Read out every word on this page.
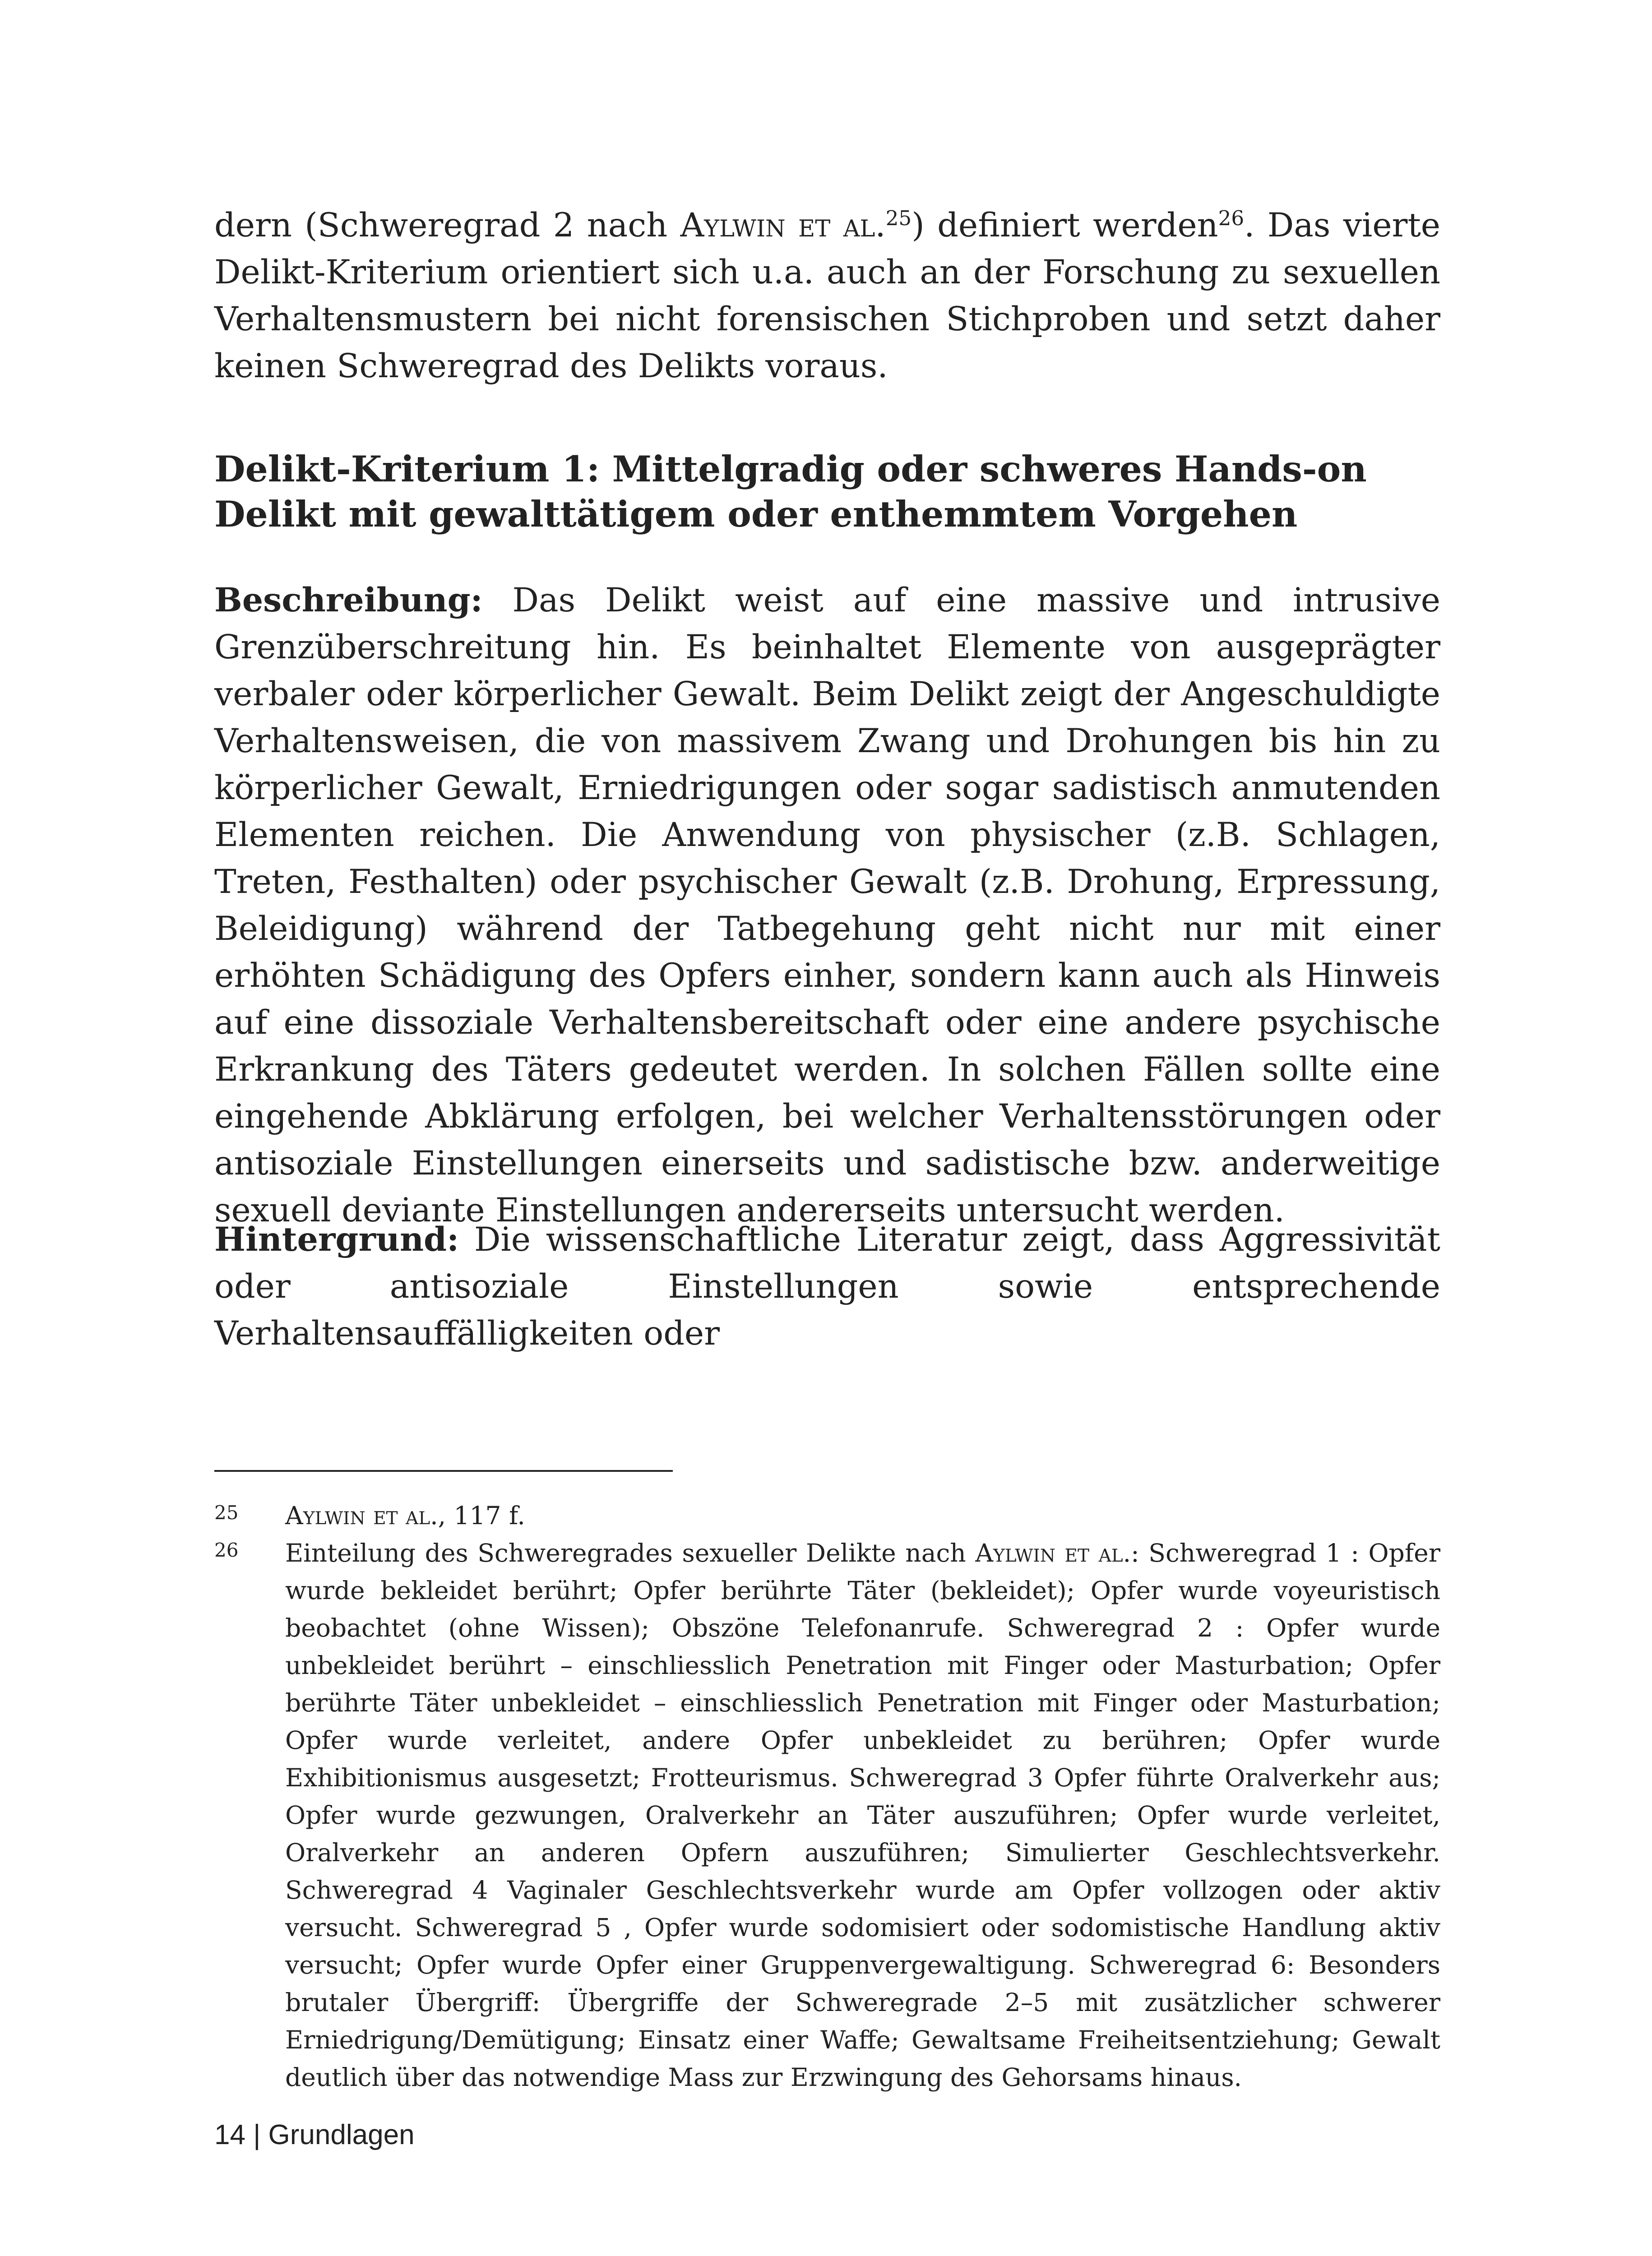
dern (Schweregrad 2 nach Aylwin et al.$^{25}$) definiert werden$^{26}$. Das vierte Delikt-Kriterium orientiert sich u.a. auch an der Forschung zu sexuellen Verhaltensmustern bei nicht forensischen Stichproben und setzt daher keinen Schweregrad des Delikts voraus.

Delikt-Kriterium 1: Mittelgradig oder schweres Hands-on Delikt mit gewalttätigem oder enthemmtem Vorgehen

Beschreibung: Das Delikt weist auf eine massive und intrusive Grenzüberschreitung hin. Es beinhaltet Elemente von ausgeprägter verbaler oder körperlicher Gewalt. Beim Delikt zeigt der Angeschuldigte Verhaltensweisen, die von massivem Zwang und Drohungen bis hin zu körperlicher Gewalt, Erniedrigungen oder sogar sadistisch anmutenden Elementen reichen. Die Anwendung von physischer (z.B. Schlagen, Treten, Festhalten) oder psychischer Gewalt (z.B. Drohung, Erpressung, Beleidigung) während der Tatbegehung geht nicht nur mit einer erhöhten Schädigung des Opfers einher, sondern kann auch als Hinweis auf eine dissoziale Verhaltensbereitschaft oder eine andere psychische Erkrankung des Täters gedeutet werden. In solchen Fällen sollte eine eingehende Abklärung erfolgen, bei welcher Verhaltensstörungen oder antisoziale Einstellungen einerseits und sadistische bzw. anderweitige sexuell deviante Einstellungen andererseits untersucht werden.

Hintergrund: Die wissenschaftliche Literatur zeigt, dass Aggressivität oder antisoziale Einstellungen sowie entsprechende Verhaltensauffälligkeiten oder

25	Aylwin et al., 117 f.

26	Einteilung des Schweregrades sexueller Delikte nach Aylwin et al.: Schweregrad 1 : Opfer wurde bekleidet berührt; Opfer berührte Täter (bekleidet); Opfer wurde voyeuristisch beobachtet (ohne Wissen); Obszöne Telefonanrufe. Schweregrad 2 : Opfer wurde unbekleidet berührt – einschliesslich Penetration mit Finger oder Masturbation; Opfer berührte Täter unbekleidet – einschliesslich Penetration mit Finger oder Masturbation; Opfer wurde verleitet, andere Opfer unbekleidet zu berühren; Opfer wurde Exhibitionismus ausgesetzt; Frotteurismus. Schweregrad 3 Opfer führte Oralverkehr aus; Opfer wurde gezwungen, Oralverkehr an Täter auszuführen; Opfer wurde verleitet, Oralverkehr an anderen Opfern auszuführen; Simulierter Geschlechtsverkehr. Schweregrad 4 Vaginaler Geschlechtsverkehr wurde am Opfer vollzogen oder aktiv versucht. Schweregrad 5 , Opfer wurde sodomisiert oder sodomistische Handlung aktiv versucht; Opfer wurde Opfer einer Gruppenvergewaltigung. Schweregrad 6: Besonders brutaler Übergriff: Übergriffe der Schweregrade 2–5 mit zusätzlicher schwerer Erniedrigung/Demütigung; Einsatz einer Waffe; Gewaltsame Freiheitsentziehung; Gewalt deutlich über das notwendige Mass zur Erzwingung des Gehorsams hinaus.

14 | Grundlagen
